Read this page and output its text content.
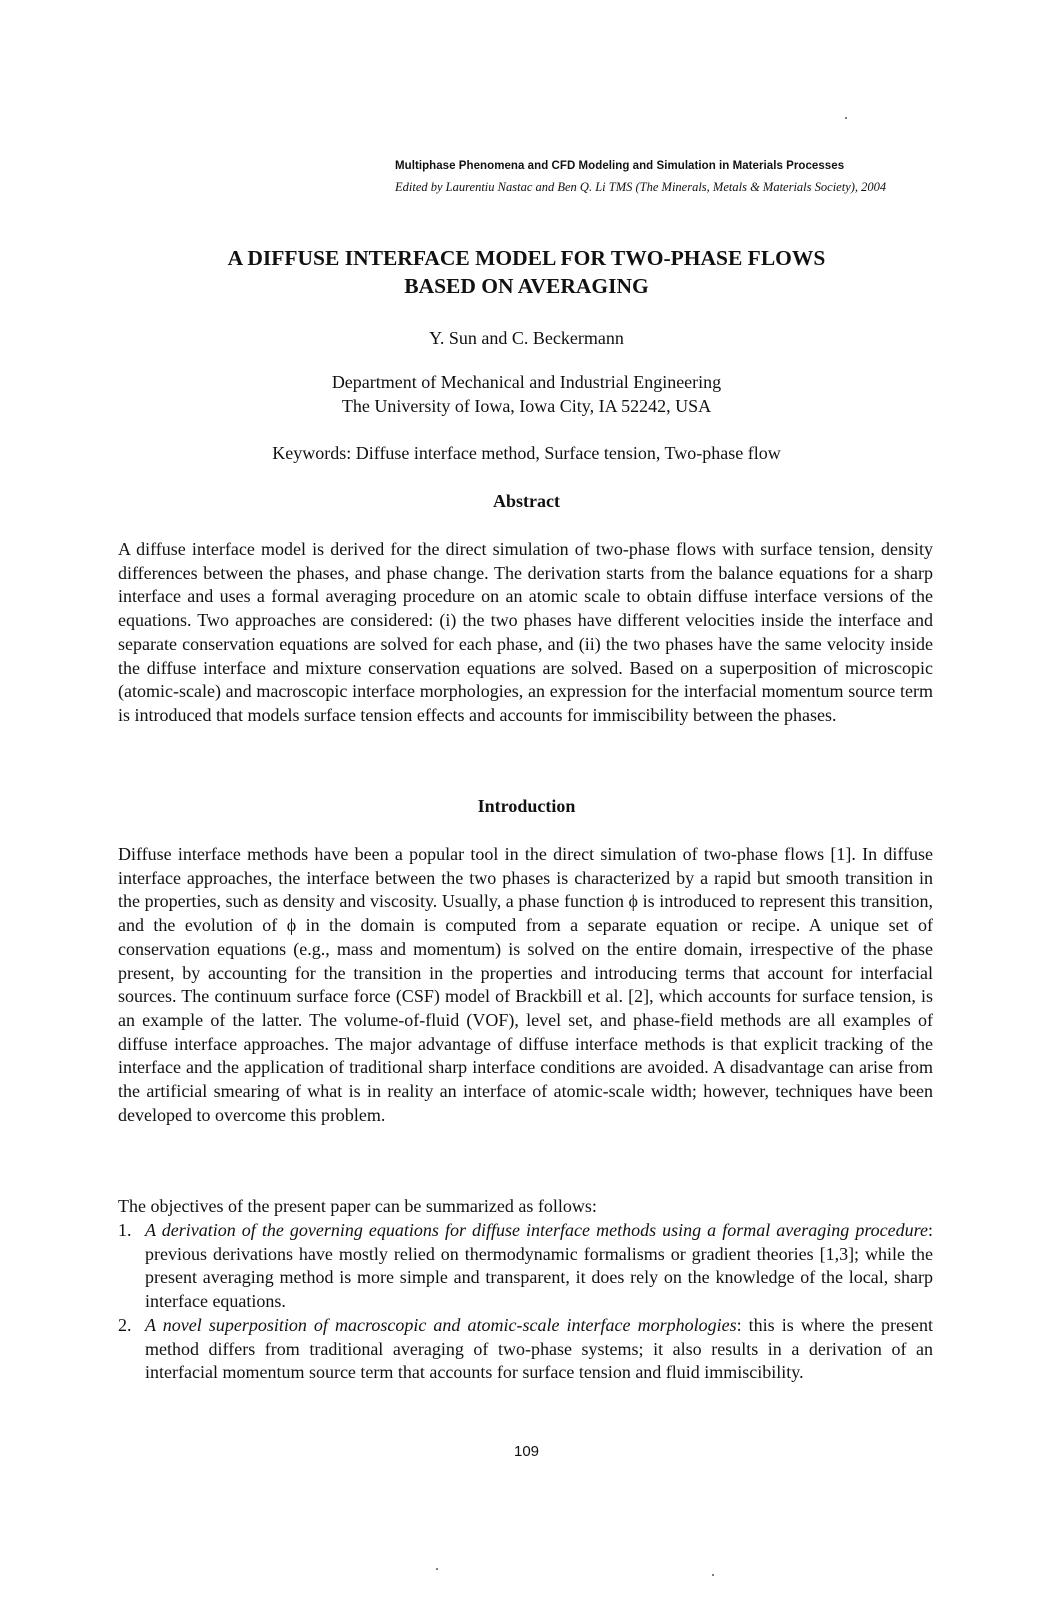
Multiphase Phenomena and CFD Modeling and Simulation in Materials Processes
Edited by Laurentiu Nastac and Ben Q. Li TMS (The Minerals, Metals & Materials Society), 2004
A DIFFUSE INTERFACE MODEL FOR TWO-PHASE FLOWS
BASED ON AVERAGING
Y. Sun and C. Beckermann
Department of Mechanical and Industrial Engineering
The University of Iowa, Iowa City, IA 52242, USA
Keywords: Diffuse interface method, Surface tension, Two-phase flow
Abstract

A diffuse interface model is derived for the direct simulation of two-phase flows with surface tension, density differences between the phases, and phase change. The derivation starts from the balance equations for a sharp interface and uses a formal averaging procedure on an atomic scale to obtain diffuse interface versions of the equations. Two approaches are considered: (i) the two phases have different velocities inside the interface and separate conservation equations are solved for each phase, and (ii) the two phases have the same velocity inside the diffuse interface and mixture conservation equations are solved. Based on a superposition of microscopic (atomic-scale) and macroscopic interface morphologies, an expression for the interfacial momentum source term is introduced that models surface tension effects and accounts for immiscibility between the phases.

Introduction

Diffuse interface methods have been a popular tool in the direct simulation of two-phase flows [1]. In diffuse interface approaches, the interface between the two phases is characterized by a rapid but smooth transition in the properties, such as density and viscosity. Usually, a phase function ϕ is introduced to represent this transition, and the evolution of ϕ in the domain is computed from a separate equation or recipe. A unique set of conservation equations (e.g., mass and momentum) is solved on the entire domain, irrespective of the phase present, by accounting for the transition in the properties and introducing terms that account for interfacial sources. The continuum surface force (CSF) model of Brackbill et al. [2], which accounts for surface tension, is an example of the latter. The volume-of-fluid (VOF), level set, and phase-field methods are all examples of diffuse interface approaches. The major advantage of diffuse interface methods is that explicit tracking of the interface and the application of traditional sharp interface conditions are avoided. A disadvantage can arise from the artificial smearing of what is in reality an interface of atomic-scale width; however, techniques have been developed to overcome this problem.

The objectives of the present paper can be summarized as follows:

1. A derivation of the governing equations for diffuse interface methods using a formal averaging procedure: previous derivations have mostly relied on thermodynamic formalisms or gradient theories [1,3]; while the present averaging method is more simple and transparent, it does rely on the knowledge of the local, sharp interface equations.
2. A novel superposition of macroscopic and atomic-scale interface morphologies: this is where the present method differs from traditional averaging of two-phase systems; it also results in a derivation of an interfacial momentum source term that accounts for surface tension and fluid immiscibility.
109
